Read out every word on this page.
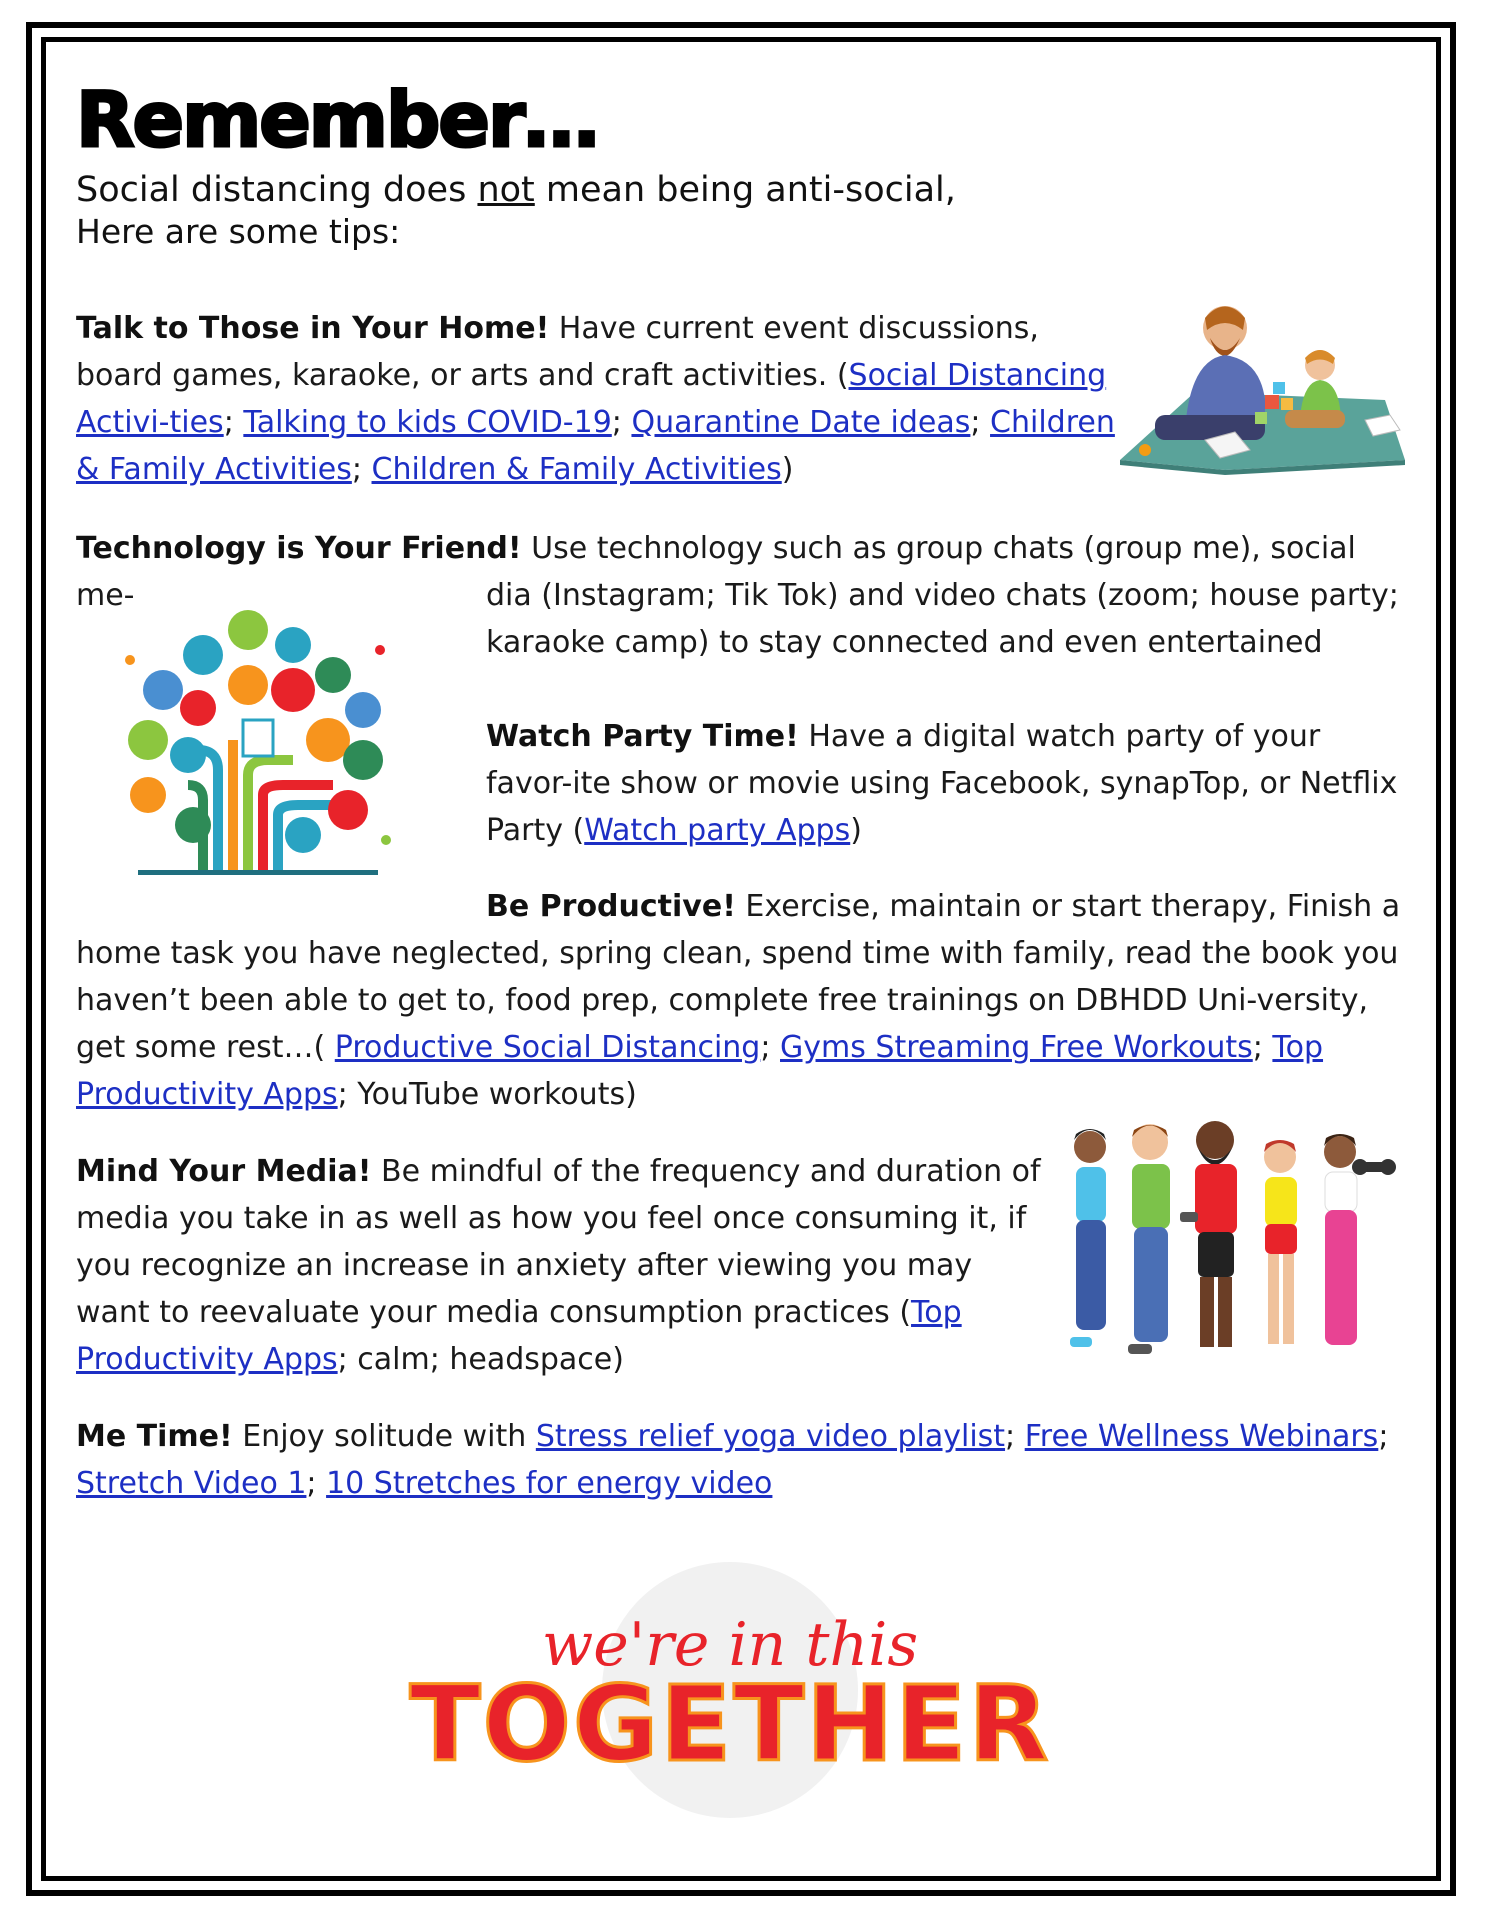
Remember…
Social distancing does not mean being anti-social,
Here are some tips:

Talk to Those in Your Home! Have current event discussions, board games, karaoke, or arts and craft activities. (Social Distancing Activi-ties; Talking to kids COVID-19; Quarantine Date ideas; Children & Family Activities; Children & Family Activities)

Technology is Your Friend! Use technology such as group chats (group me), social me-	dia (Instagram; Tik Tok) and video chats (zoom; house party; karaoke camp) to stay connected and even entertained

Watch Party Time! Have a digital watch party of your favor-ite show or movie using Facebook, synapTop, or Netflix Party (Watch party Apps)

Be Productive! Exercise, maintain or start therapy, Finish a

home task you have neglected, spring clean, spend time with family, read the book you haven’t been able to get to, food prep, complete free trainings on DBHDD Uni-versity, get some rest…( Productive Social Distancing; Gyms Streaming Free Workouts; Top Productivity Apps; YouTube workouts)

Mind Your Media! Be mindful of the frequency and duration of media you take in as well as how you feel once consuming it, if you recognize an increase in anxiety after viewing you may want to reevaluate your media consumption practices (Top Productivity Apps; calm; headspace)

Me Time! Enjoy solitude with Stress relief yoga video playlist; Free Wellness Webinars; Stretch Video 1; 10 Stretches for energy video

we're in this
TOGETHER
